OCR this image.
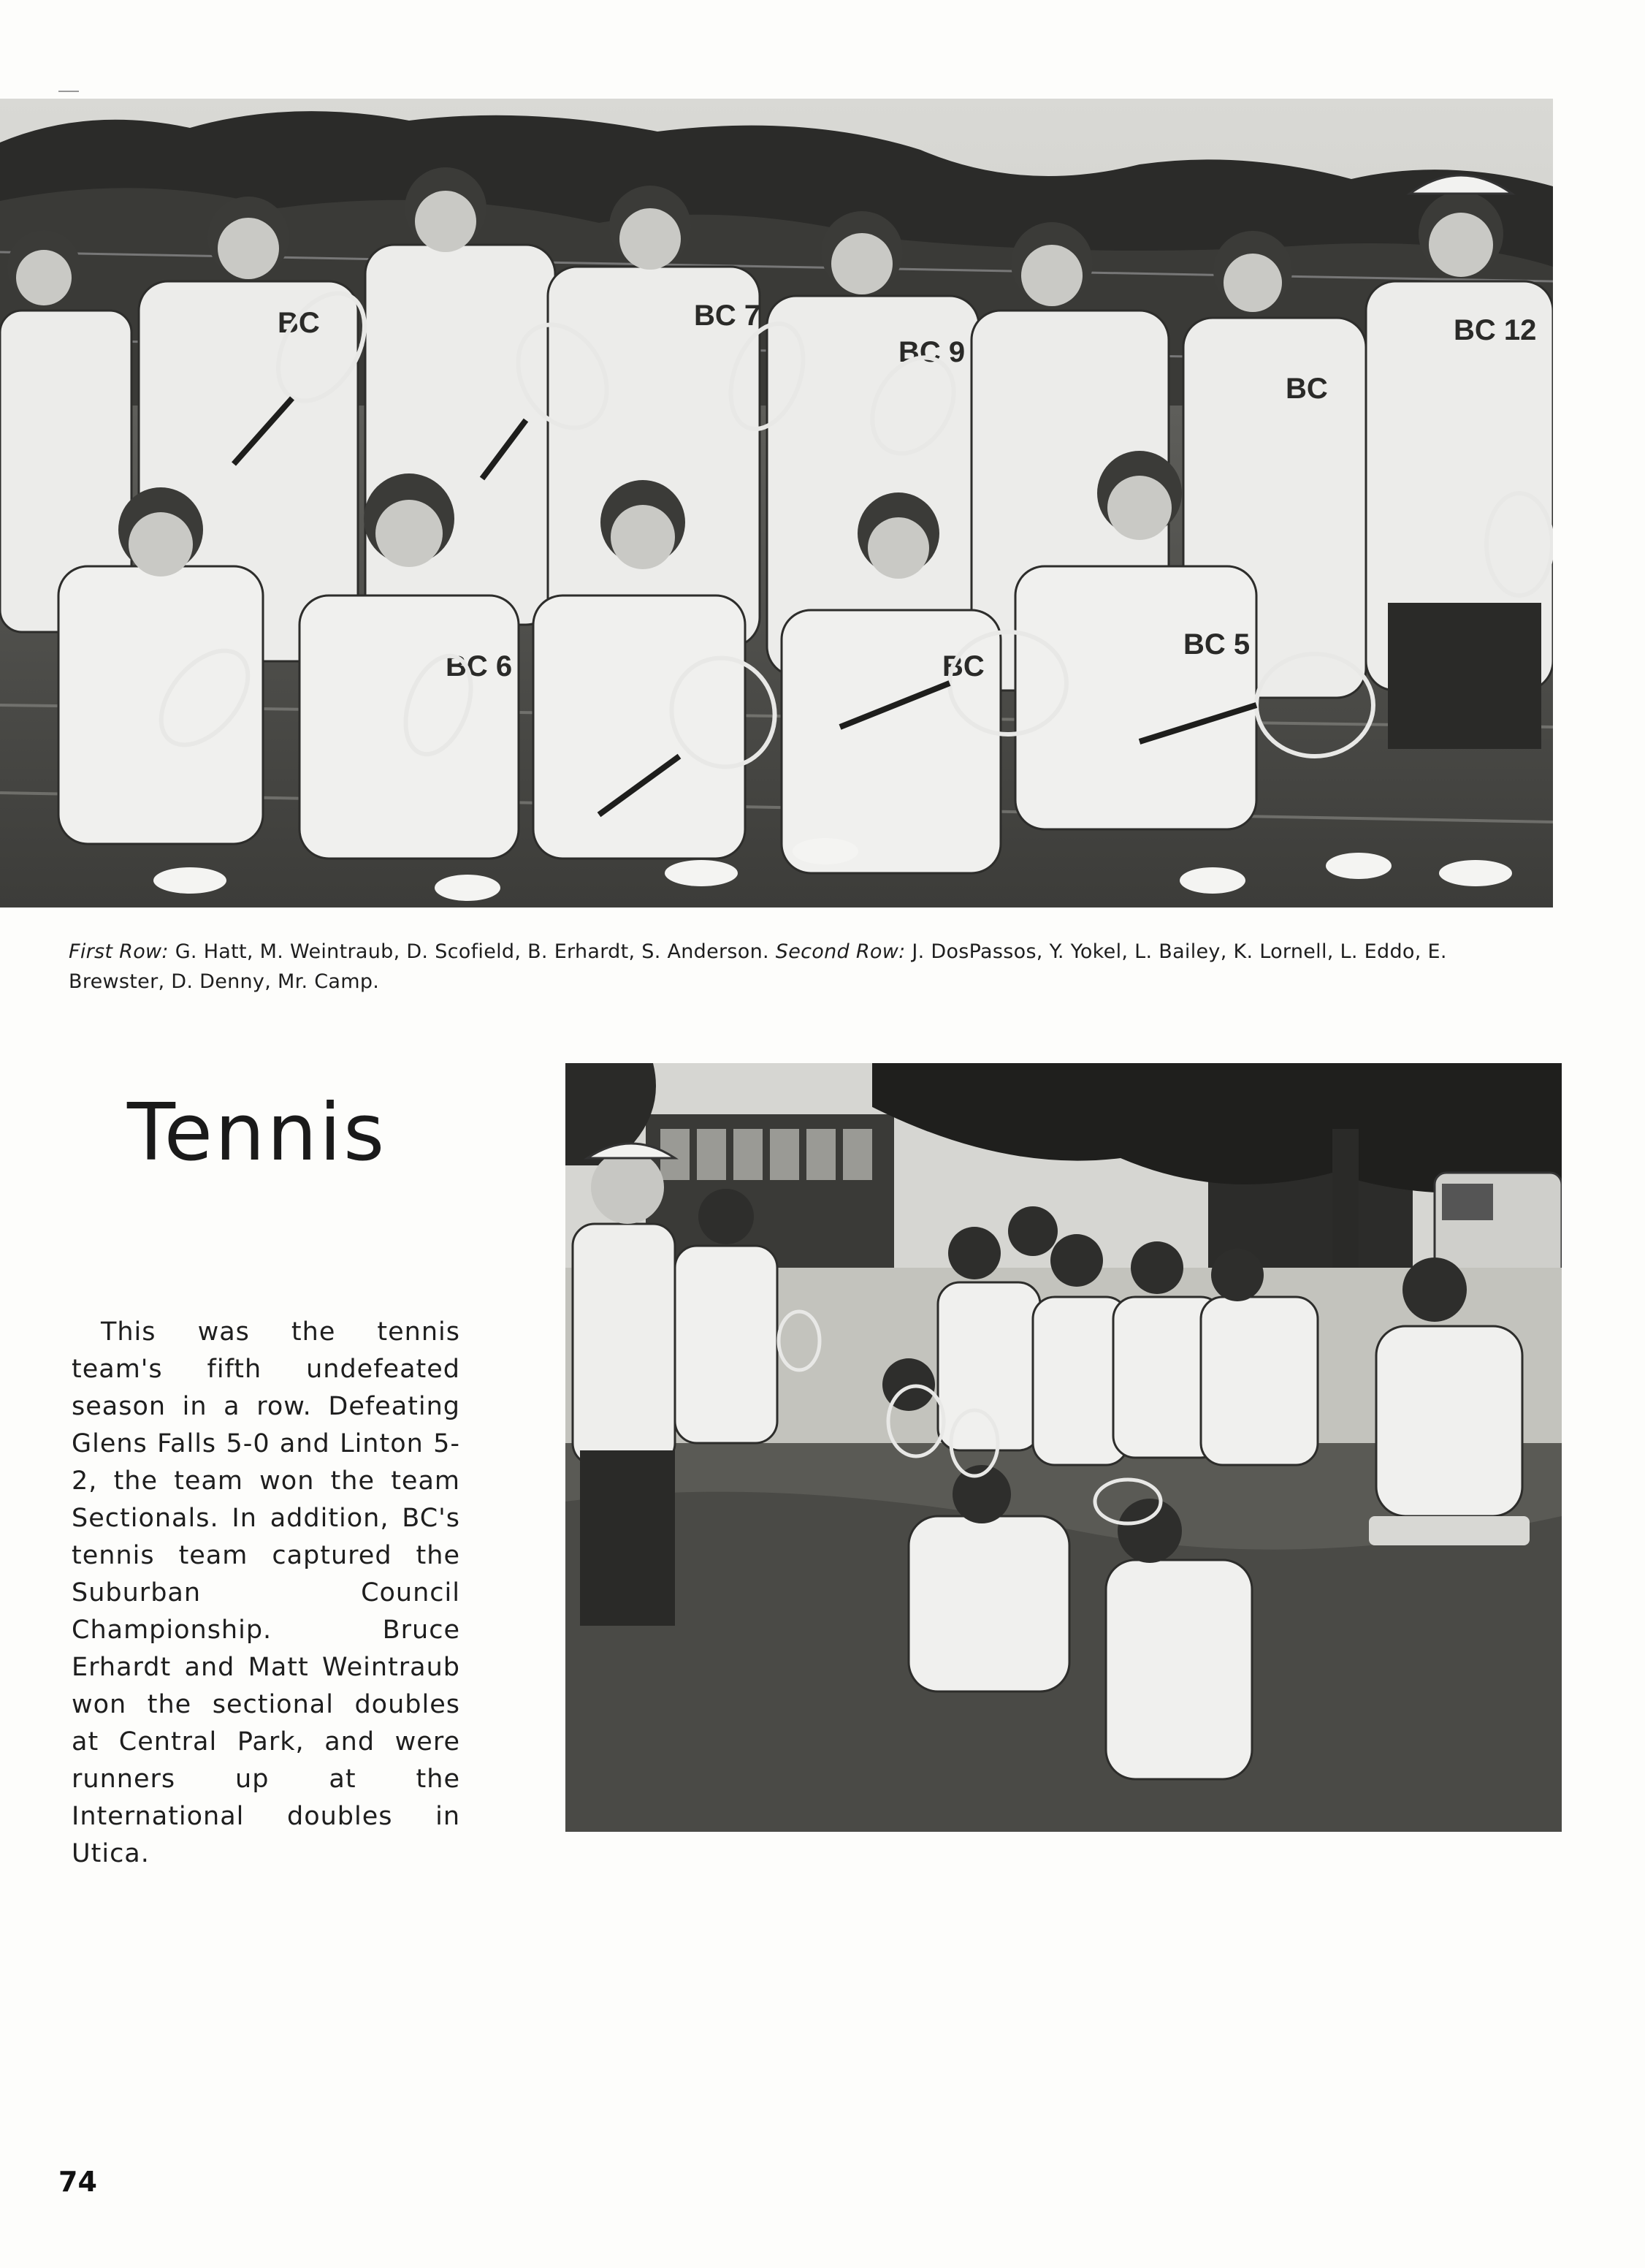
BC	BC 7
BC 9
BC 12
BC
BC 6	BC
BC 5
First Row: G. Hatt, M. Weintraub, D. Scofield, B. Erhardt, S. Anderson. Second Row: J. DosPassos, Y. Yokel, L. Bailey, K. Lornell, L. Eddo, E. Brewster, D. Denny, Mr. Camp.
Tennis

This was the tennis team's fifth undefeated season in a row. Defeating Glens Falls 5-0 and Linton 5-2, the team won the team Sectionals. In addition, BC's tennis team captured the Suburban Council Championship. Bruce Erhardt and Matt Weintraub won the sectional doubles at Central Park, and were runners up at the International doubles in Utica.

74
